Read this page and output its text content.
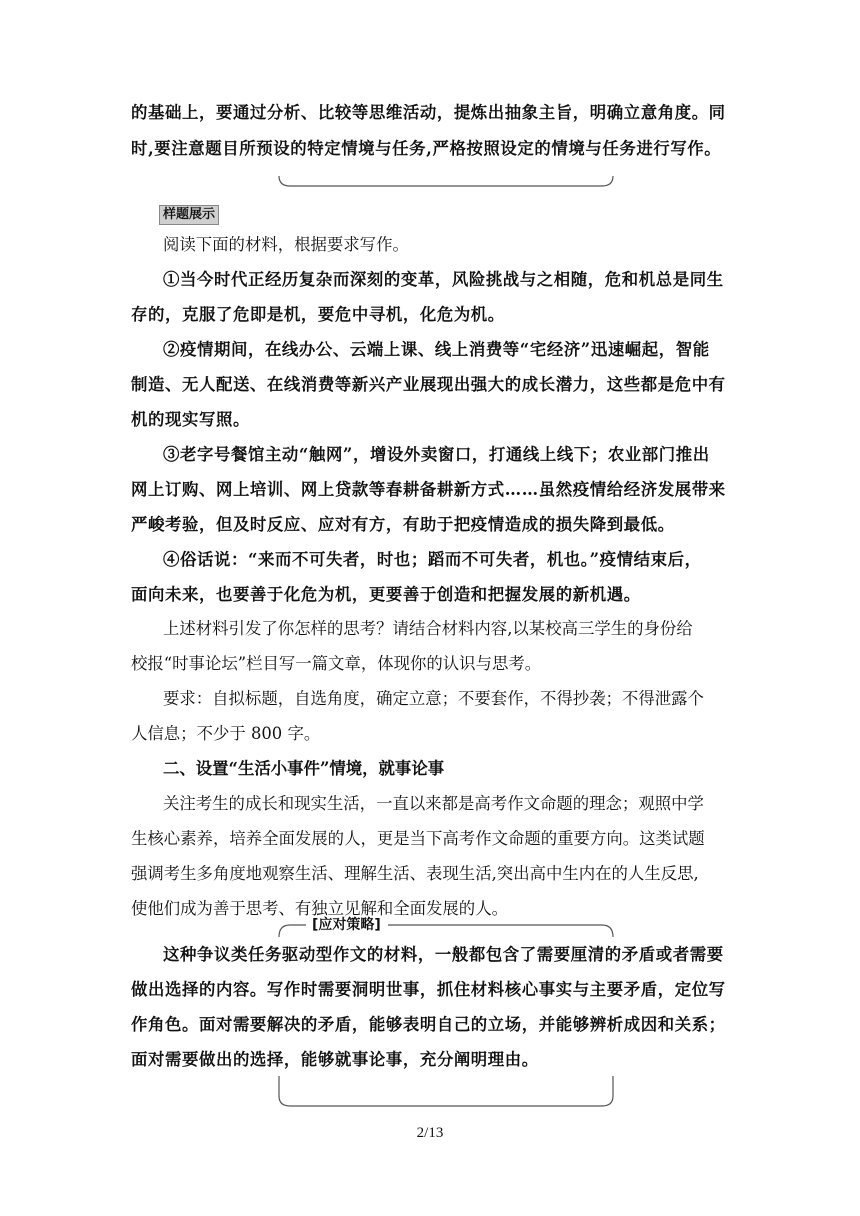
的基础上，要通过分析、比较等思维活动，提炼出抽象主旨，明确立意角度。同
时,要注意题目所预设的特定情境与任务,严格按照设定的情境与任务进行写作。
样题展示
阅读下面的材料，根据要求写作。
①当今时代正经历复杂而深刻的变革，风险挑战与之相随，危和机总是同生
存的，克服了危即是机，要危中寻机，化危为机。
②疫情期间，在线办公、云端上课、线上消费等“宅经济”迅速崛起，智能
制造、无人配送、在线消费等新兴产业展现出强大的成长潜力，这些都是危中有
机的现实写照。
③老字号餐馆主动“触网”，增设外卖窗口，打通线上线下；农业部门推出
网上订购、网上培训、网上贷款等春耕备耕新方式……虽然疫情给经济发展带来
严峻考验，但及时反应、应对有方，有助于把疫情造成的损失降到最低。
④俗话说：“来而不可失者，时也；蹈而不可失者，机也。”疫情结束后，
面向未来，也要善于化危为机，更要善于创造和把握发展的新机遇。
上述材料引发了你怎样的思考？请结合材料内容,以某校高三学生的身份给
校报“时事论坛”栏目写一篇文章，体现你的认识与思考。
要求：自拟标题，自选角度，确定立意；不要套作，不得抄袭；不得泄露个
人信息；不少于 800 字。
二、设置“生活小事件”情境，就事论事
关注考生的成长和现实生活，一直以来都是高考作文命题的理念；观照中学
生核心素养，培养全面发展的人，更是当下高考作文命题的重要方向。这类试题
强调考生多角度地观察生活、理解生活、表现生活,突出高中生内在的人生反思,
使他们成为善于思考、有独立见解和全面发展的人。
[应对策略]
这种争议类任务驱动型作文的材料，一般都包含了需要厘清的矛盾或者需要
做出选择的内容。写作时需要洞明世事，抓住材料核心事实与主要矛盾，定位写
作角色。面对需要解决的矛盾，能够表明自己的立场，并能够辨析成因和关系；
面对需要做出的选择，能够就事论事，充分阐明理由。
2/13
